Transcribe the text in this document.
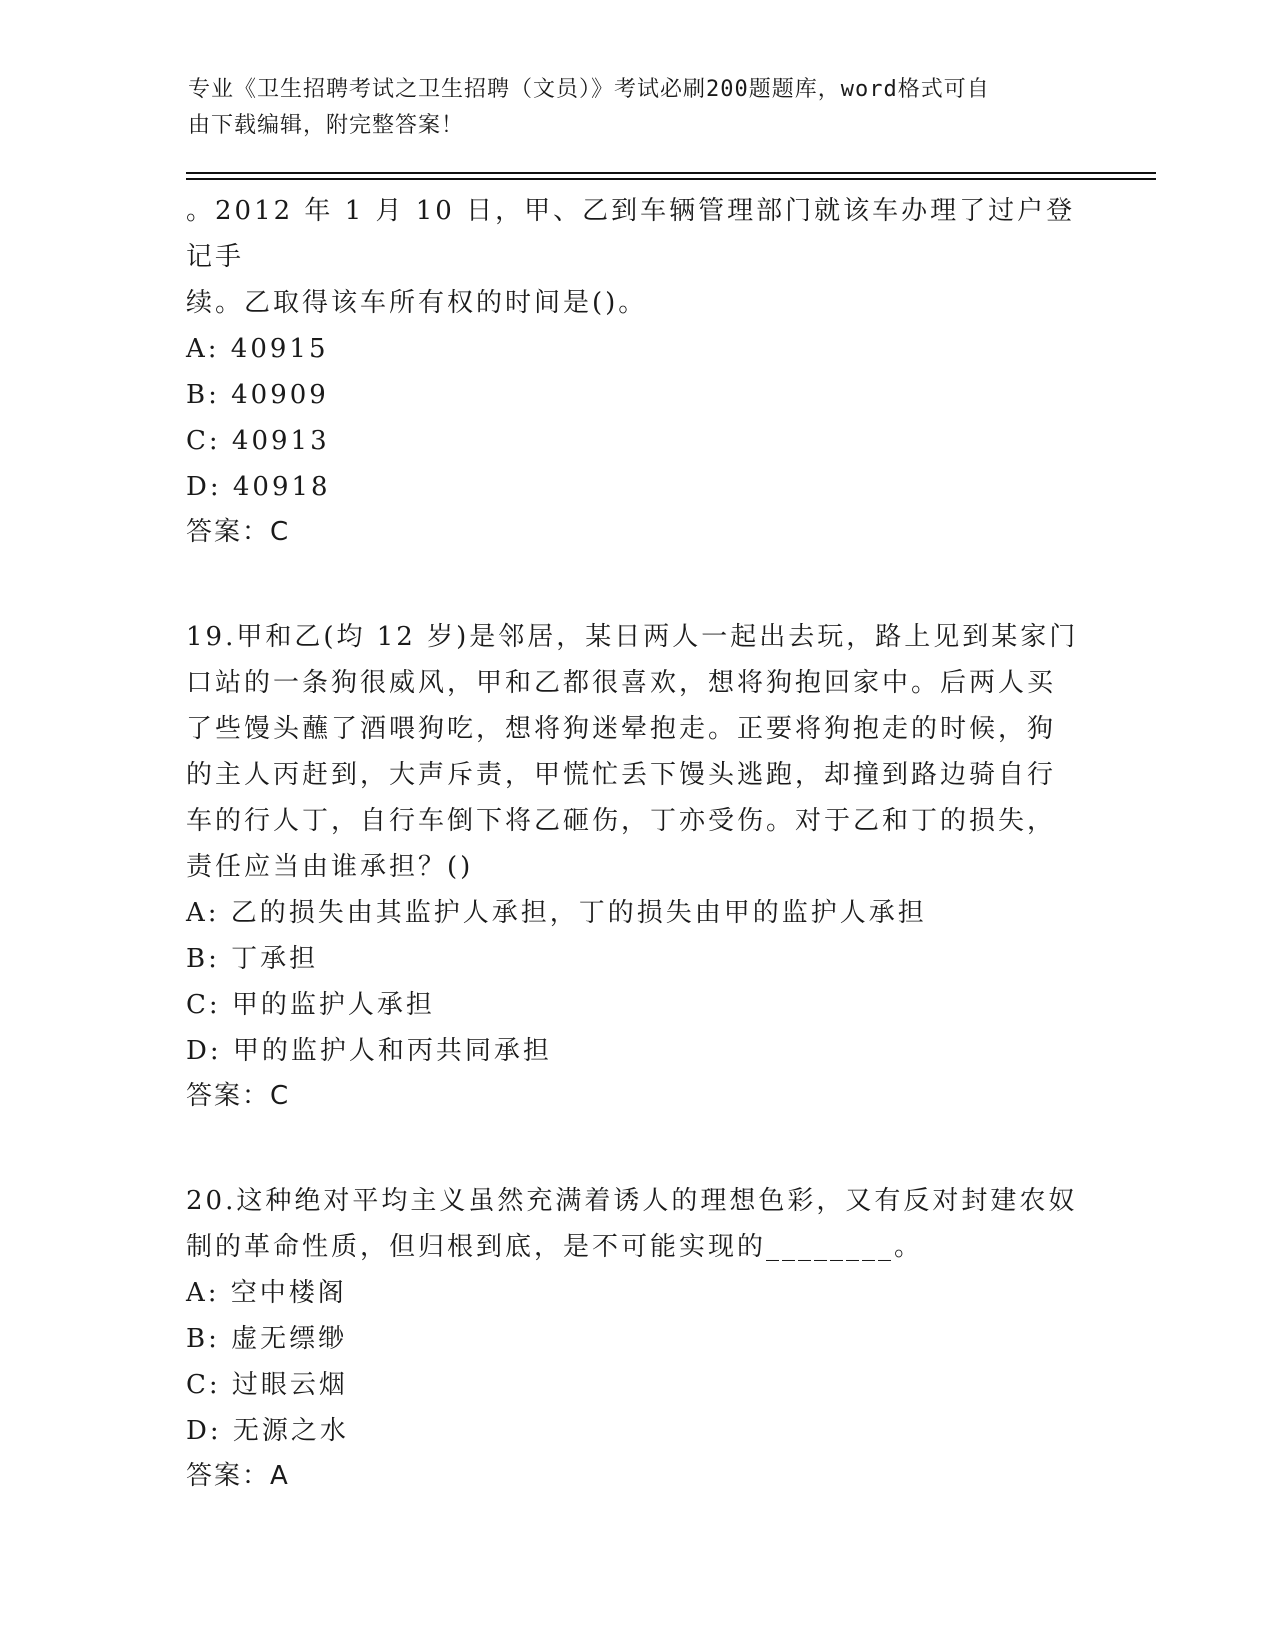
专业《卫生招聘考试之卫生招聘（文员）》考试必刷200题题库，word格式可自
由下载编辑，附完整答案！
。2012 年 1 月 10 日，甲、乙到车辆管理部门就该车办理了过户登记手
续。乙取得该车所有权的时间是()。
A: 40915
B: 40909
C: 40913
D: 40918
答案：C
19.甲和乙(均 12 岁)是邻居，某日两人一起出去玩，路上见到某家门
口站的一条狗很威风，甲和乙都很喜欢，想将狗抱回家中。后两人买
了些馒头蘸了酒喂狗吃，想将狗迷晕抱走。正要将狗抱走的时候，狗
的主人丙赶到，大声斥责，甲慌忙丢下馒头逃跑，却撞到路边骑自行
车的行人丁，自行车倒下将乙砸伤，丁亦受伤。对于乙和丁的损失，
责任应当由谁承担？()
A: 乙的损失由其监护人承担，丁的损失由甲的监护人承担
B: 丁承担
C: 甲的监护人承担
D: 甲的监护人和丙共同承担
答案：C
20.这种绝对平均主义虽然充满着诱人的理想色彩，又有反对封建农奴
制的革命性质，但归根到底，是不可能实现的________。
A: 空中楼阁
B: 虚无缥缈
C: 过眼云烟
D: 无源之水
答案：A
